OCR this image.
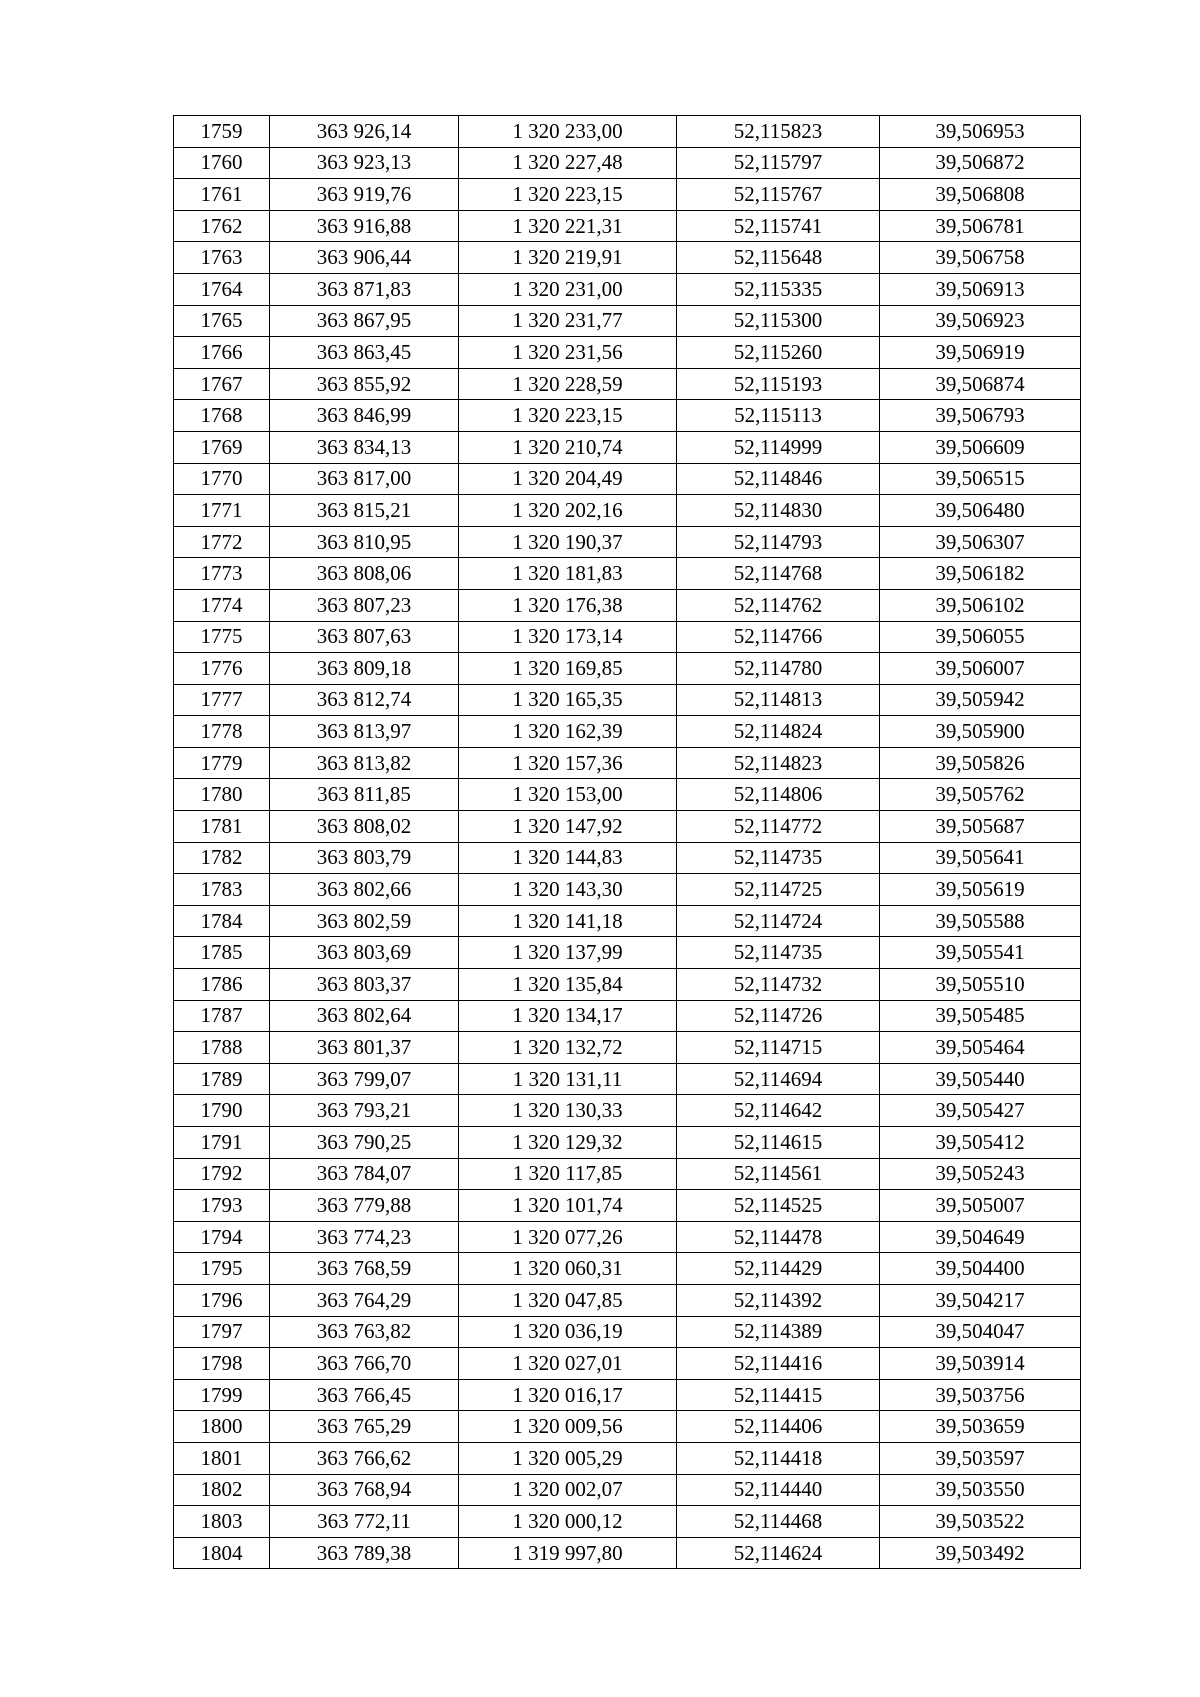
1759	363 926,14	1 320 233,00	52,115823	39,506953
1760	363 923,13	1 320 227,48	52,115797	39,506872
1761	363 919,76	1 320 223,15	52,115767	39,506808
1762	363 916,88	1 320 221,31	52,115741	39,506781
1763	363 906,44	1 320 219,91	52,115648	39,506758
1764	363 871,83	1 320 231,00	52,115335	39,506913
1765	363 867,95	1 320 231,77	52,115300	39,506923
1766	363 863,45	1 320 231,56	52,115260	39,506919
1767	363 855,92	1 320 228,59	52,115193	39,506874
1768	363 846,99	1 320 223,15	52,115113	39,506793
1769	363 834,13	1 320 210,74	52,114999	39,506609
1770	363 817,00	1 320 204,49	52,114846	39,506515
1771	363 815,21	1 320 202,16	52,114830	39,506480
1772	363 810,95	1 320 190,37	52,114793	39,506307
1773	363 808,06	1 320 181,83	52,114768	39,506182
1774	363 807,23	1 320 176,38	52,114762	39,506102
1775	363 807,63	1 320 173,14	52,114766	39,506055
1776	363 809,18	1 320 169,85	52,114780	39,506007
1777	363 812,74	1 320 165,35	52,114813	39,505942
1778	363 813,97	1 320 162,39	52,114824	39,505900
1779	363 813,82	1 320 157,36	52,114823	39,505826
1780	363 811,85	1 320 153,00	52,114806	39,505762
1781	363 808,02	1 320 147,92	52,114772	39,505687
1782	363 803,79	1 320 144,83	52,114735	39,505641
1783	363 802,66	1 320 143,30	52,114725	39,505619
1784	363 802,59	1 320 141,18	52,114724	39,505588
1785	363 803,69	1 320 137,99	52,114735	39,505541
1786	363 803,37	1 320 135,84	52,114732	39,505510
1787	363 802,64	1 320 134,17	52,114726	39,505485
1788	363 801,37	1 320 132,72	52,114715	39,505464
1789	363 799,07	1 320 131,11	52,114694	39,505440
1790	363 793,21	1 320 130,33	52,114642	39,505427
1791	363 790,25	1 320 129,32	52,114615	39,505412
1792	363 784,07	1 320 117,85	52,114561	39,505243
1793	363 779,88	1 320 101,74	52,114525	39,505007
1794	363 774,23	1 320 077,26	52,114478	39,504649
1795	363 768,59	1 320 060,31	52,114429	39,504400
1796	363 764,29	1 320 047,85	52,114392	39,504217
1797	363 763,82	1 320 036,19	52,114389	39,504047
1798	363 766,70	1 320 027,01	52,114416	39,503914
1799	363 766,45	1 320 016,17	52,114415	39,503756
1800	363 765,29	1 320 009,56	52,114406	39,503659
1801	363 766,62	1 320 005,29	52,114418	39,503597
1802	363 768,94	1 320 002,07	52,114440	39,503550
1803	363 772,11	1 320 000,12	52,114468	39,503522
1804	363 789,38	1 319 997,80	52,114624	39,503492
